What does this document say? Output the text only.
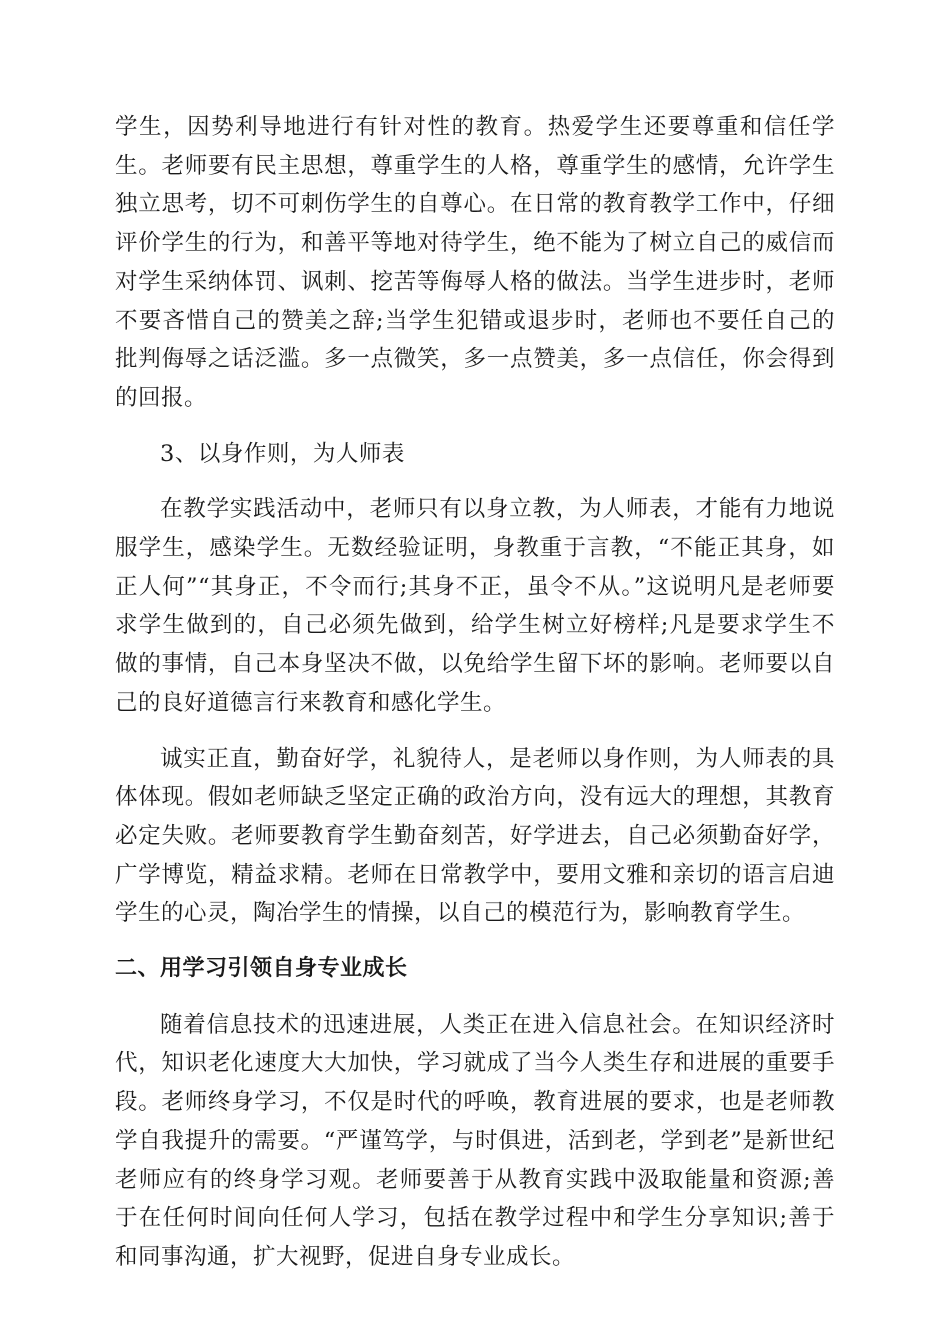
学生，因势利导地进行有针对性的教育。热爱学生还要尊重和信任学生。老师要有民主思想，尊重学生的人格，尊重学生的感情，允许学生独立思考，切不可刺伤学生的自尊心。在日常的教育教学工作中，仔细评价学生的行为，和善平等地对待学生，绝不能为了树立自己的威信而对学生采纳体罚、讽刺、挖苦等侮辱人格的做法。当学生进步时，老师不要吝惜自己的赞美之辞;当学生犯错或退步时，老师也不要任自己的批判侮辱之话泛滥。多一点微笑，多一点赞美，多一点信任，你会得到的回报。

3、以身作则，为人师表

在教学实践活动中，老师只有以身立教，为人师表，才能有力地说服学生，感染学生。无数经验证明，身教重于言教，“不能正其身，如正人何”“其身正，不令而行;其身不正，虽令不从。”这说明凡是老师要求学生做到的，自己必须先做到，给学生树立好榜样;凡是要求学生不做的事情，自己本身坚决不做，以免给学生留下坏的影响。老师要以自己的良好道德言行来教育和感化学生。

诚实正直，勤奋好学，礼貌待人，是老师以身作则，为人师表的具体体现。假如老师缺乏坚定正确的政治方向，没有远大的理想，其教育必定失败。老师要教育学生勤奋刻苦，好学进去，自己必须勤奋好学，广学博览，精益求精。老师在日常教学中，要用文雅和亲切的语言启迪学生的心灵，陶冶学生的情操，以自己的模范行为，影响教育学生。

二、用学习引领自身专业成长

随着信息技术的迅速进展，人类正在进入信息社会。在知识经济时代，知识老化速度大大加快，学习就成了当今人类生存和进展的重要手段。老师终身学习，不仅是时代的呼唤，教育进展的要求，也是老师教学自我提升的需要。“严谨笃学，与时俱进，活到老，学到老”是新世纪老师应有的终身学习观。老师要善于从教育实践中汲取能量和资源;善于在任何时间向任何人学习，包括在教学过程中和学生分享知识;善于和同事沟通，扩大视野，促进自身专业成长。
